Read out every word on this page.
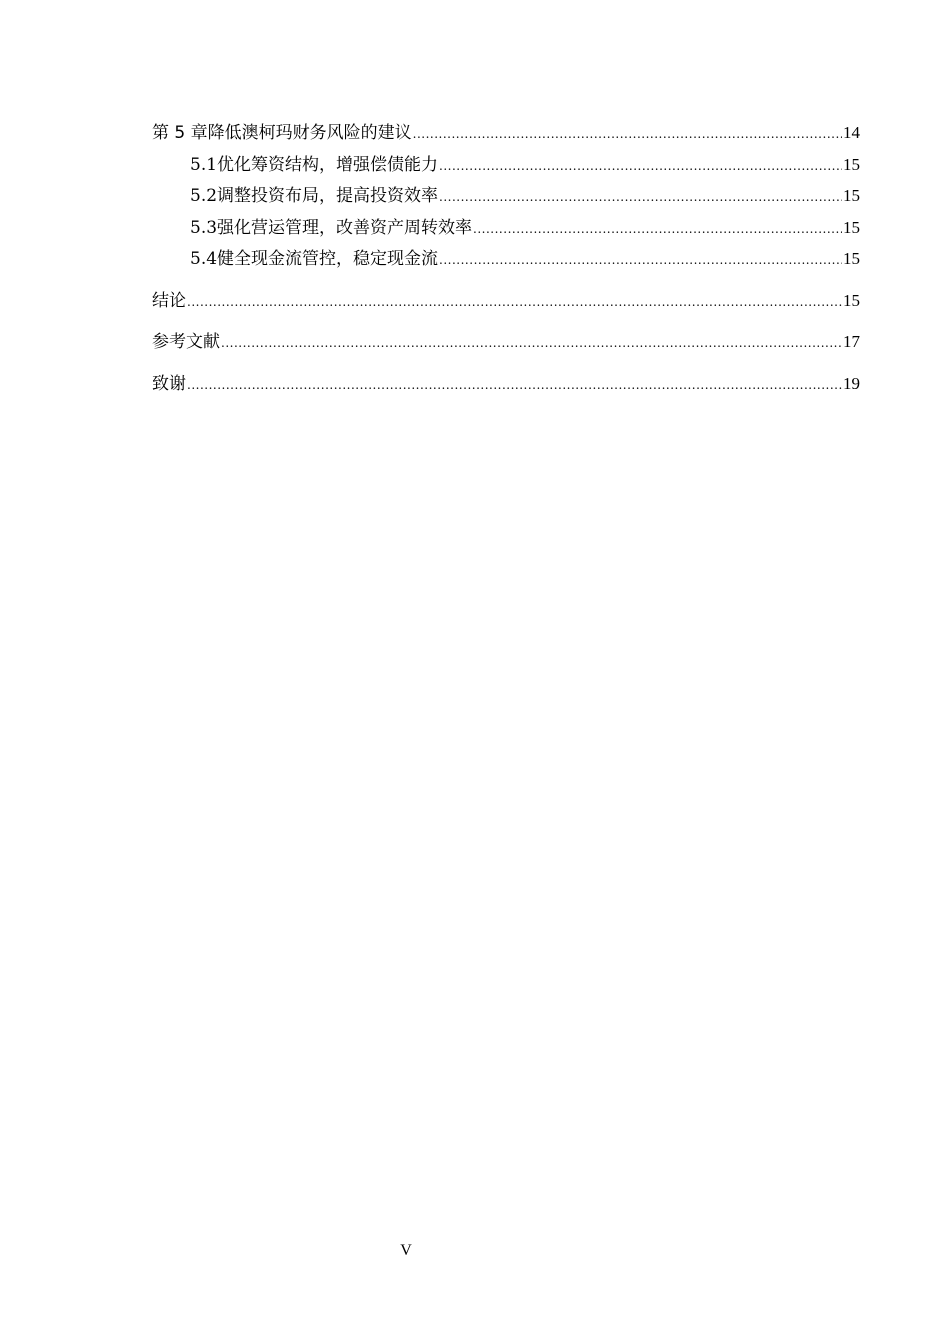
第 5 章 降低澳柯玛财务风险的建议 .....	14
5.1 优化筹资结构，增强偿债能力 .....	15
5.2 调整投资布局，提高投资效率 .....	15
5.3 强化营运管理，改善资产周转效率 .....	15
5.4 健全现金流管控，稳定现金流 .....	15
结论 .....	15
参考文献 .....	17
致谢 .....	19
V
